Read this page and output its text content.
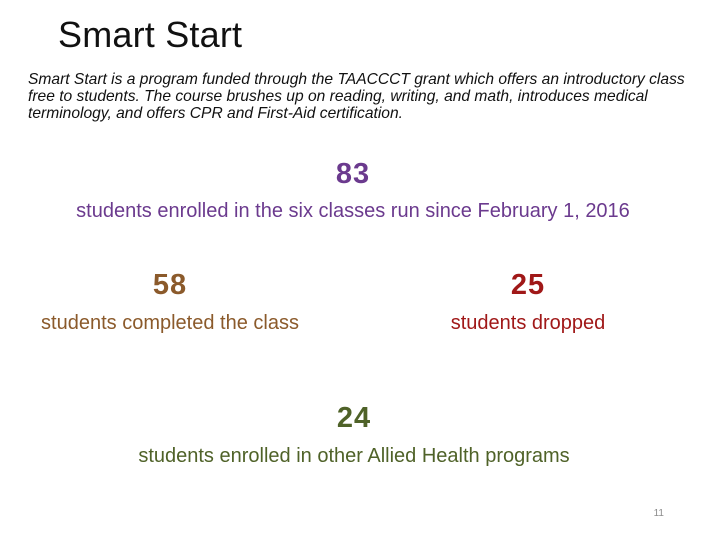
Smart Start

Smart Start is a program funded through the TAACCCT grant which offers an introductory class free to students. The course brushes up on reading, writing, and math, introduces medical terminology, and offers CPR and First-Aid certification.

83
students enrolled in the six classes run since February 1, 2016
58
students completed the class
25
students dropped
24
students enrolled in other Allied Health programs
11
